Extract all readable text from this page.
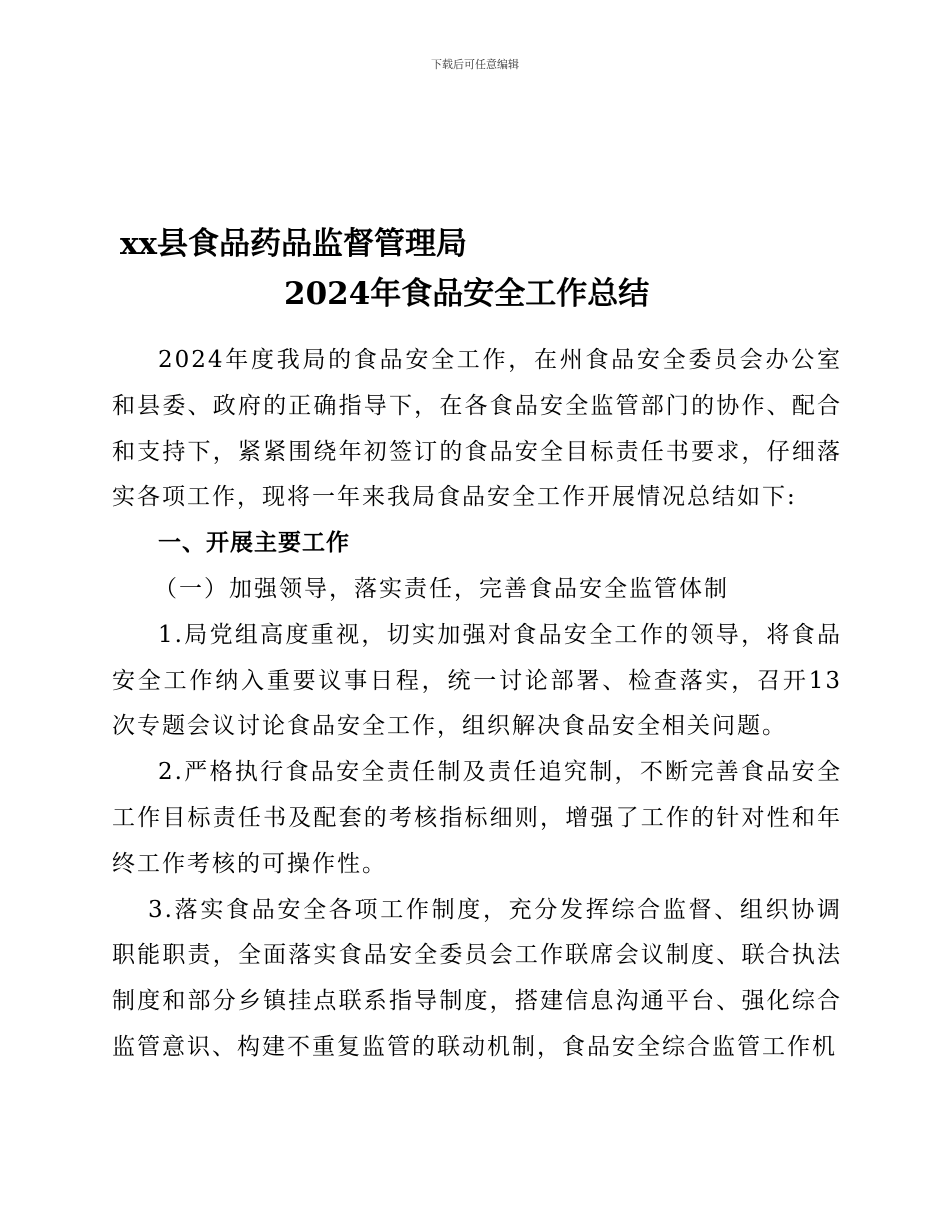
下载后可任意编辑
xx县食品药品监督管理局
2024年食品安全工作总结

2024年度我局的食品安全工作，在州食品安全委员会办公室和县委、政府的正确指导下，在各食品安全监管部门的协作、配合和支持下，紧紧围绕年初签订的食品安全目标责任书要求，仔细落实各项工作，现将一年来我局食品安全工作开展情况总结如下:

一、开展主要工作

（一）加强领导，落实责任，完善食品安全监管体制

1.局党组高度重视，切实加强对食品安全工作的领导，将食品安全工作纳入重要议事日程，统一讨论部署、检查落实，召开13次专题会议讨论食品安全工作，组织解决食品安全相关问题。

2.严格执行食品安全责任制及责任追究制，不断完善食品安全工作目标责任书及配套的考核指标细则，增强了工作的针对性和年终工作考核的可操作性。

3.落实食品安全各项工作制度，充分发挥综合监督、组织协调职能职责，全面落实食品安全委员会工作联席会议制度、联合执法制度和部分乡镇挂点联系指导制度，搭建信息沟通平台、强化综合监管意识、构建不重复监管的联动机制，食品安全综合监管工作机
